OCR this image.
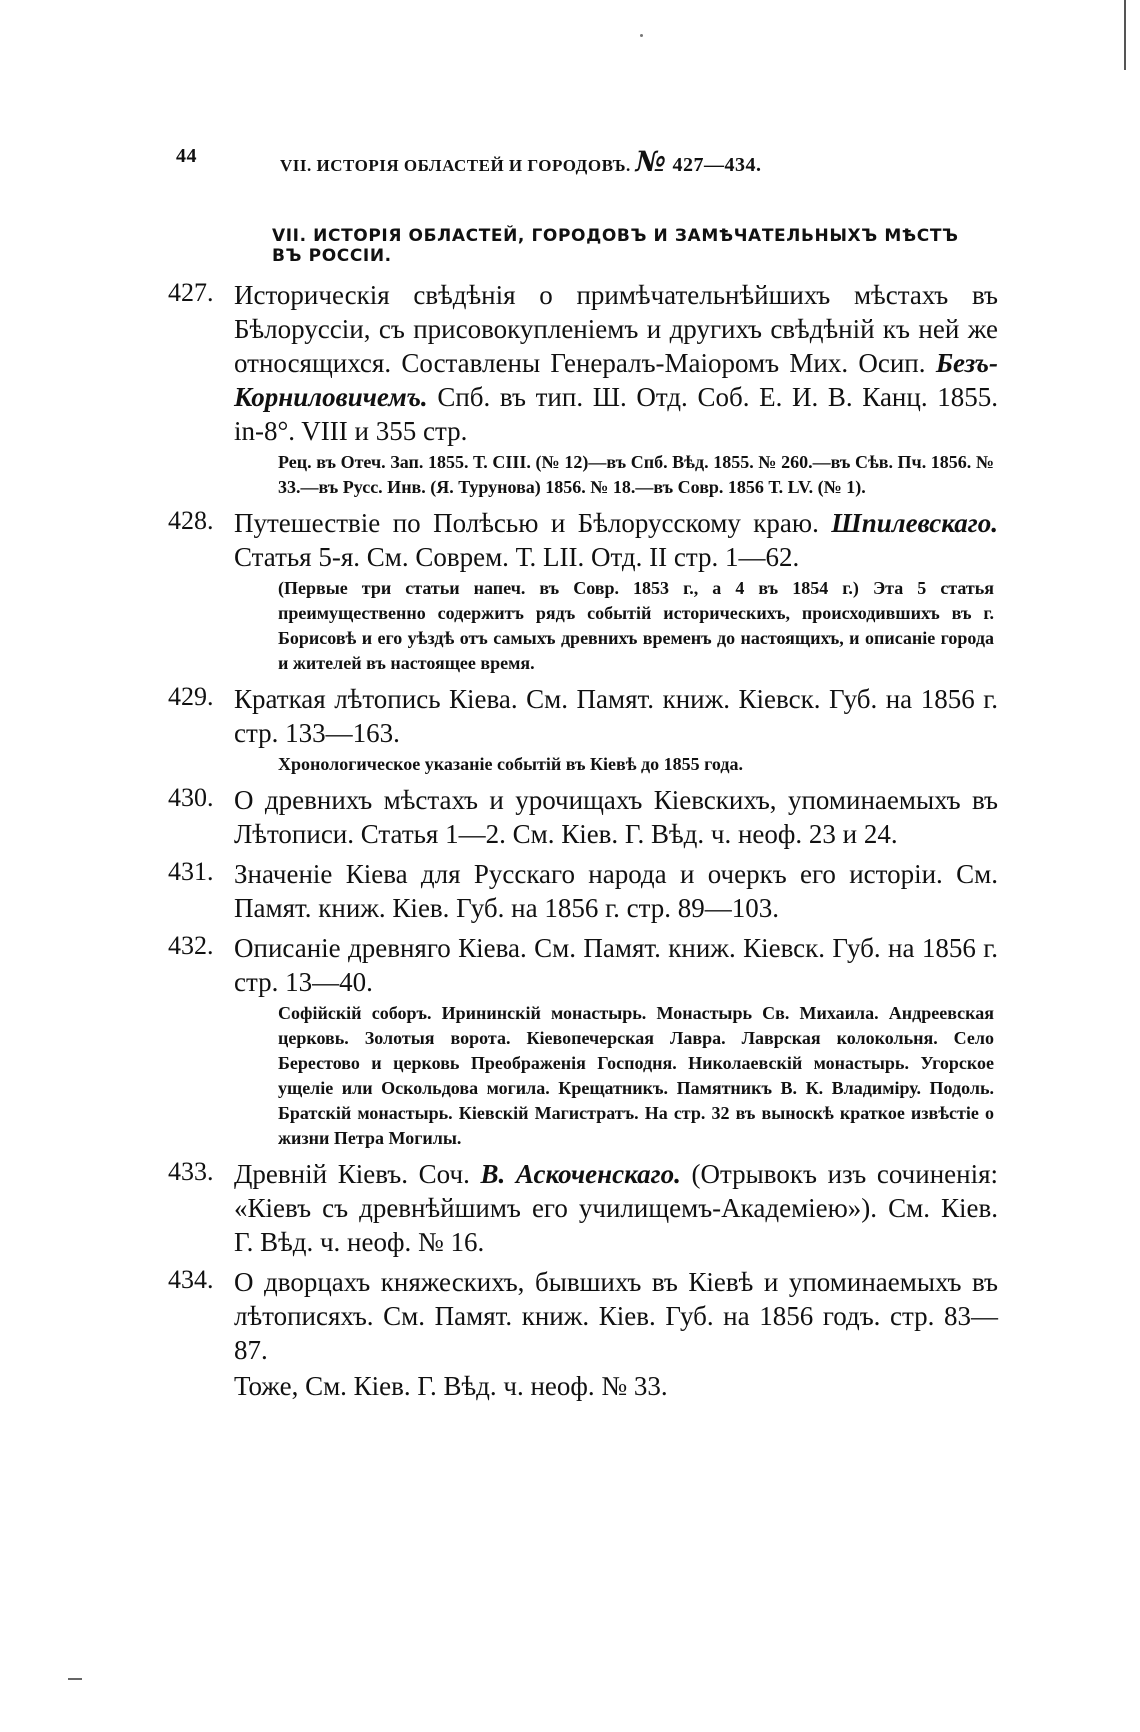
44	VII. ИСТОРІЯ ОБЛАСТЕЙ И ГОРОДОВЪ. № 427—434.
VII. ИСТОРІЯ ОБЛАСТЕЙ, ГОРОДОВЪ И ЗАМѢЧАТЕЛЬНЫХЪ МѢСТЪ ВЪ РОССІИ.
427. Историческія свѣдѣнія о примѣчательнѣйшихъ мѣстахъ въ Бѣлоруссіи, съ присовокупленіемъ и другихъ свѣдѣній къ ней же относящихся. Составлены Генералъ-Маіоромъ Мих. Осип. Безъ-Корниловичемъ. Спб. въ тип. Ш. Отд. Соб. Е. И. В. Канц. 1855. in-8°. VIII и 355 стр.
Рец. въ Отеч. Зап. 1855. Т. CIII. (№ 12)—въ Спб. Вѣд. 1855. № 260.—въ Сѣв. Пч. 1856. № 33.—въ Русс. Инв. (Я. Турунова) 1856. № 18.—въ Совр. 1856 Т. LV. (№ 1).
428. Путешествіе по Полѣсью и Бѣлорусскому краю. Шпилевскаго. Статья 5-я. См. Соврем. Т. LII. Отд. II стр. 1—62.
(Первые три статьи напеч. въ Совр. 1853 г., а 4 въ 1854 г.) Эта 5 статья преимущественно содержитъ рядъ событій историческихъ, происходившихъ въ г. Борисовѣ и его уѣздѣ отъ самыхъ древнихъ временъ до настоящихъ, и описаніе города и жителей въ настоящее время.
429. Краткая лѣтопись Кіева. См. Памят. книж. Кіевск. Губ. на 1856 г. стр. 133—163.
Хронологическое указаніе событій въ Кіевѣ до 1855 года.
430. О древнихъ мѣстахъ и урочищахъ Кіевскихъ, упоминаемыхъ въ Лѣтописи. Статья 1—2. См. Кіев. Г. Вѣд. ч. неоф. 23 и 24.
431. Значеніе Кіева для Русскаго народа и очеркъ его исторіи. См. Памят. книж. Кіев. Губ. на 1856 г. стр. 89—103.
432. Описаніе древняго Кіева. См. Памят. книж. Кіевск. Губ. на 1856 г. стр. 13—40.
Софійскій соборъ. Ирининскій монастырь. Монастырь Св. Михаила. Андреевская церковь. Золотыя ворота. Кіевопечерская Лавра. Лаврская колокольня. Село Берестово и церковь Преображенія Господня. Николаевскій монастырь. Угорское ущеліе или Оскольдова могила. Крещатникъ. Памятникъ В. К. Владиміру. Подоль. Братскій монастырь. Кіевскій Магистратъ. На стр. 32 въ выноскѣ краткое извѣстіе о жизни Петра Могилы.
433. Древній Кіевъ. Соч. В. Аскоченскаго. (Отрывокъ изъ сочиненія: «Кіевъ съ древнѣйшимъ его училищемъ-Академіею»). См. Кіев. Г. Вѣд. ч. неоф. № 16.
434. О дворцахъ княжескихъ, бывшихъ въ Кіевѣ и упоминаемыхъ въ лѣтописяхъ. См. Памят. книж. Кіев. Губ. на 1856 годъ. стр. 83—87.
Тоже, См. Кіев. Г. Вѣд. ч. неоф. № 33.
